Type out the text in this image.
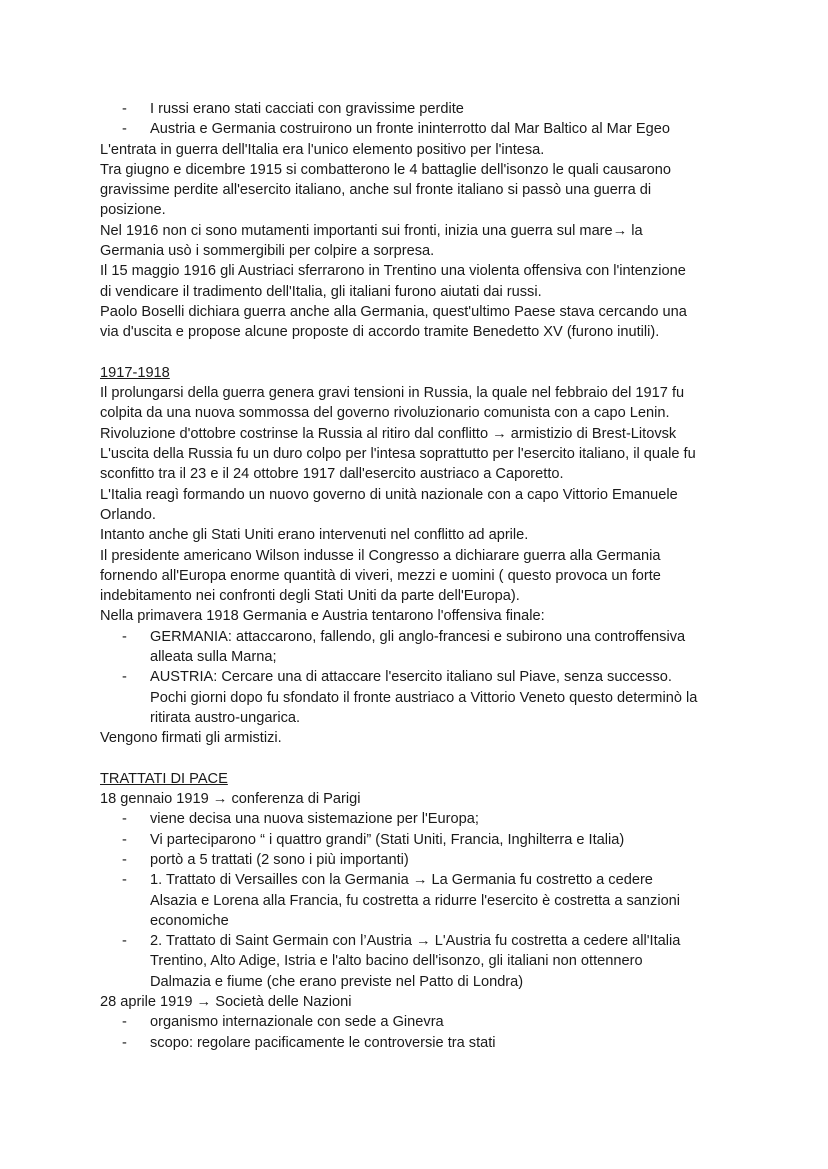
- I russi erano stati cacciati con gravissime perdite
- Austria e Germania costruirono un fronte ininterrotto dal Mar Baltico al Mar Egeo
L'entrata in guerra dell'Italia era l'unico elemento positivo per l'intesa.
Tra giugno e dicembre 1915 si combatterono le 4 battaglie dell'isonzo le quali causarono
gravissime perdite all'esercito italiano, anche sul fronte italiano si passò una guerra di
posizione.
Nel 1916 non ci sono mutamenti importanti sui fronti, inizia una guerra sul mare→ la
Germania usò i sommergibili per colpire a sorpresa.
Il 15 maggio 1916 gli Austriaci sferrarono in Trentino una violenta offensiva con l'intenzione
di vendicare il tradimento dell'Italia, gli italiani furono aiutati dai russi.
Paolo Boselli dichiara guerra anche alla Germania, quest'ultimo Paese stava cercando una
via d'uscita e propose alcune proposte di accordo tramite Benedetto XV (furono inutili).
1917-1918
Il prolungarsi della guerra genera gravi tensioni in Russia, la quale nel febbraio del 1917 fu
colpita da una nuova sommossa del governo rivoluzionario comunista con a capo Lenin.
Rivoluzione d'ottobre costrinse la Russia al ritiro dal conflitto → armistizio di Brest-Litovsk
L'uscita della Russia fu un duro colpo per l'intesa soprattutto per l'esercito italiano, il quale fu
sconfitto tra il 23 e il 24 ottobre 1917 dall'esercito austriaco a Caporetto.
L'Italia reagì formando un nuovo governo di unità nazionale con a capo Vittorio Emanuele
Orlando.
Intanto anche gli Stati Uniti erano intervenuti nel conflitto ad aprile.
Il presidente americano Wilson indusse il Congresso a dichiarare guerra alla Germania
fornendo all'Europa enorme quantità di viveri, mezzi e uomini ( questo provoca un forte
indebitamento nei confronti degli Stati Uniti da parte dell'Europa).
Nella primavera 1918 Germania e Austria tentarono l'offensiva finale:
- GERMANIA: attaccarono, fallendo, gli anglo-francesi e subirono una controffensiva
alleata sulla Marna;
- AUSTRIA: Cercare una di attaccare l'esercito italiano sul Piave, senza successo.
Pochi giorni dopo fu sfondato il fronte austriaco a Vittorio Veneto questo determinò la
ritirata austro-ungarica.
Vengono firmati gli armistizi.
TRATTATI DI PACE
18 gennaio 1919 → conferenza di Parigi
- viene decisa una nuova sistemazione per l'Europa;
- Vi parteciparono “ i quattro grandi” (Stati Uniti, Francia, Inghilterra e Italia)
- portò a 5 trattati (2 sono i più importanti)
- 1. Trattato di Versailles con la Germania → La Germania fu costretto a cedere
Alsazia e Lorena alla Francia, fu costretta a ridurre l'esercito è costretta a sanzioni
economiche
- 2. Trattato di Saint Germain con l’Austria → L'Austria fu costretta a cedere all'Italia
Trentino, Alto Adige, Istria e l'alto bacino dell'isonzo, gli italiani non ottennero
Dalmazia e fiume (che erano previste nel Patto di Londra)
28 aprile 1919 → Società delle Nazioni
- organismo internazionale con sede a Ginevra
- scopo: regolare pacificamente le controversie tra stati
